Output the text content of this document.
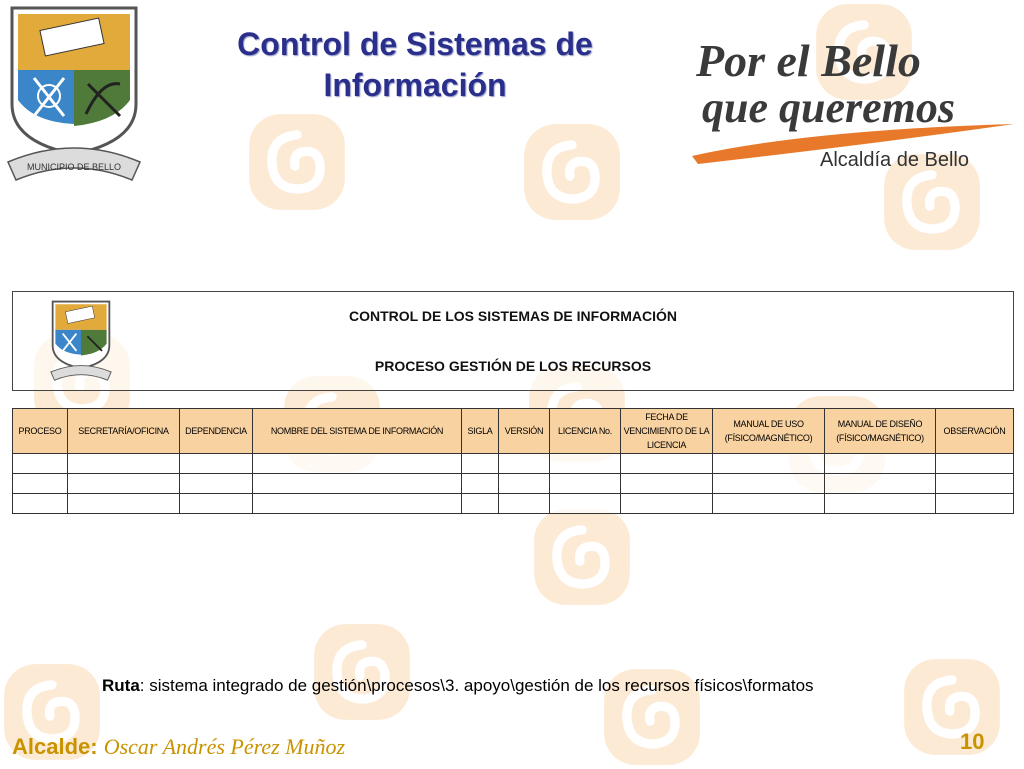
MUNICIPIO DE BELLO
Control de Sistemas de
Información	Por el Bello
que queremos
Alcaldía de Bello
CONTROL DE LOS SISTEMAS DE INFORMACIÓN
PROCESO GESTIÓN DE LOS RECURSOS
PROCESO	SECRETARÍA/OFICINA	DEPENDENCIA	NOMBRE DEL SISTEMA DE INFORMACIÓN	SIGLA	VERSIÓN	LICENCIA No.	FECHA DE VENCIMIENTO DE LA LICENCIA	MANUAL DE USO (FÍSICO/MAGNÉTICO)	MANUAL DE DISEÑO (FÍSICO/MAGNÉTICO)	OBSERVACIÓN

Ruta: sistema integrado de gestión\procesos\3. apoyo\gestión de los recursos físicos\formatos
Alcalde: Oscar Andrés Pérez Muñoz	10
